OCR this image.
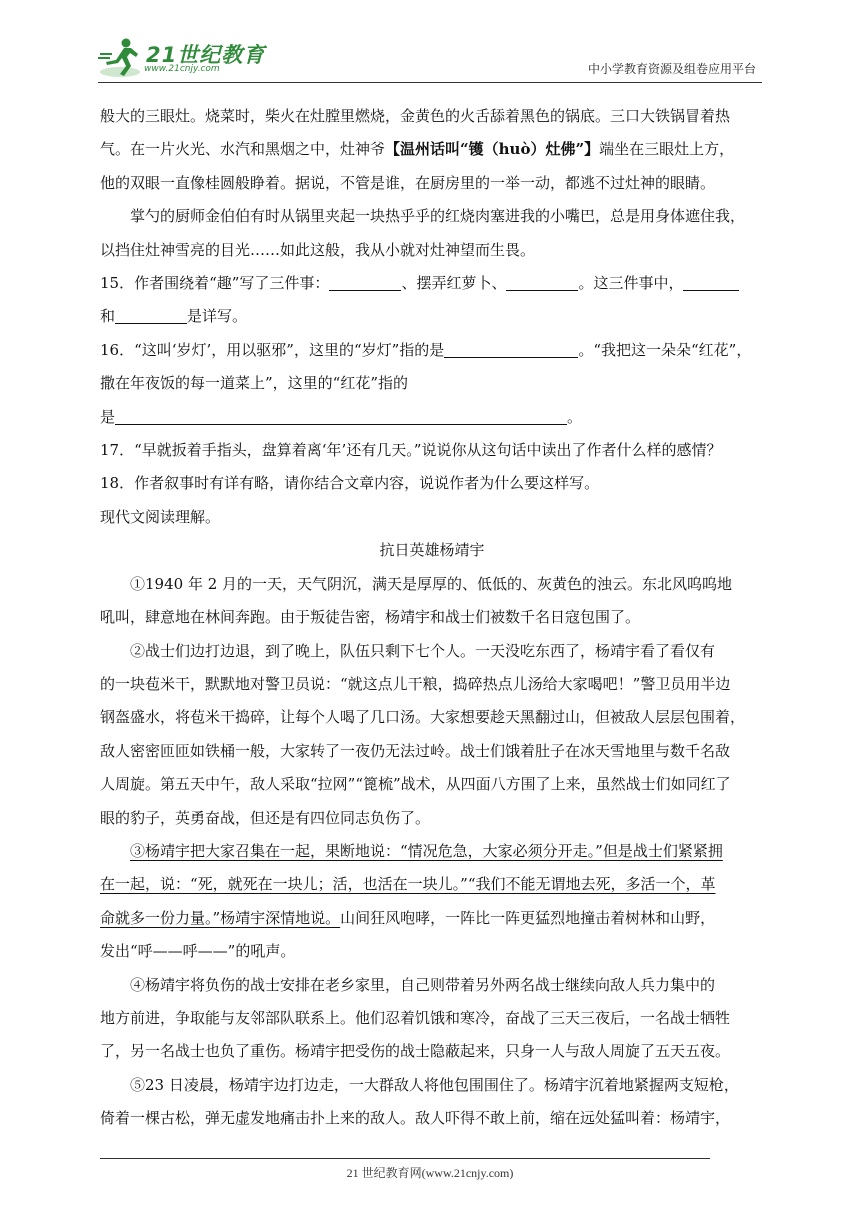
21世纪教育
www.21cnjy.com	中小学教育资源及组卷应用平台

般大的三眼灶。烧菜时，柴火在灶膛里燃烧，金黄色的火舌舔着黑色的锅底。三口大铁锅冒着热

气。在一片火光、水汽和黑烟之中，灶神爷【温州话叫“镬（huò）灶佛”】端坐在三眼灶上方，

他的双眼一直像桂圆般睁着。据说，不管是谁，在厨房里的一举一动，都逃不过灶神的眼睛。

掌勺的厨师金伯伯有时从锅里夹起一块热乎乎的红烧肉塞进我的小嘴巴，总是用身体遮住我，

以挡住灶神雪亮的目光……如此这般，我从小就对灶神望而生畏。

15．作者围绕着“趣”写了三件事：	、摆弄红萝卜、	。这三件事中，

和	是详写。

16．“这叫‘岁灯’，用以驱邪”，这里的“岁灯”指的是	。“我把这一朵朵“红花”，

撒在年夜饭的每一道菜上”，这里的“红花”指的

是	。

17．“早就扳着手指头，盘算着离‘年’还有几天。”说说你从这句话中读出了作者什么样的感情？

18．作者叙事时有详有略，请你结合文章内容，说说作者为什么要这样写。

现代文阅读理解。

抗日英雄杨靖宇

①1940 年 2 月的一天，天气阴沉，满天是厚厚的、低低的、灰黄色的浊云。东北风呜呜地

吼叫，肆意地在林间奔跑。由于叛徒告密，杨靖宇和战士们被数千名日寇包围了。

②战士们边打边退，到了晚上，队伍只剩下七个人。一天没吃东西了，杨靖宇看了看仅有

的一块苞米干，默默地对警卫员说：“就这点儿干粮，捣碎热点儿汤给大家喝吧！”警卫员用半边

钢盔盛水，将苞米干捣碎，让每个人喝了几口汤。大家想要趁天黑翻过山，但被敌人层层包围着，

敌人密密匝匝如铁桶一般，大家转了一夜仍无法过岭。战士们饿着肚子在冰天雪地里与数千名敌

人周旋。第五天中午，敌人采取“拉网”“篦梳”战术，从四面八方围了上来，虽然战士们如同红了

眼的豹子，英勇奋战，但还是有四位同志负伤了。

③杨靖宇把大家召集在一起，果断地说：“情况危急，大家必须分开走。”但是战士们紧紧拥

在一起，说：“死，就死在一块儿；活，也活在一块儿。”“我们不能无谓地去死，多活一个，革

命就多一份力量。”杨靖宇深情地说。山间狂风咆哮，一阵比一阵更猛烈地撞击着树林和山野，

发出“呼——呼——”的吼声。

④杨靖宇将负伤的战士安排在老乡家里，自己则带着另外两名战士继续向敌人兵力集中的

地方前进，争取能与友邻部队联系上。他们忍着饥饿和寒冷，奋战了三天三夜后，一名战士牺牲

了，另一名战士也负了重伤。杨靖宇把受伤的战士隐蔽起来，只身一人与敌人周旋了五天五夜。

⑤23 日凌晨，杨靖宇边打边走，一大群敌人将他包围围住了。杨靖宇沉着地紧握两支短枪，

倚着一棵古松，弹无虚发地痛击扑上来的敌人。敌人吓得不敢上前，缩在远处猛叫着：杨靖宇，

21 世纪教育网(www.21cnjy.com)
